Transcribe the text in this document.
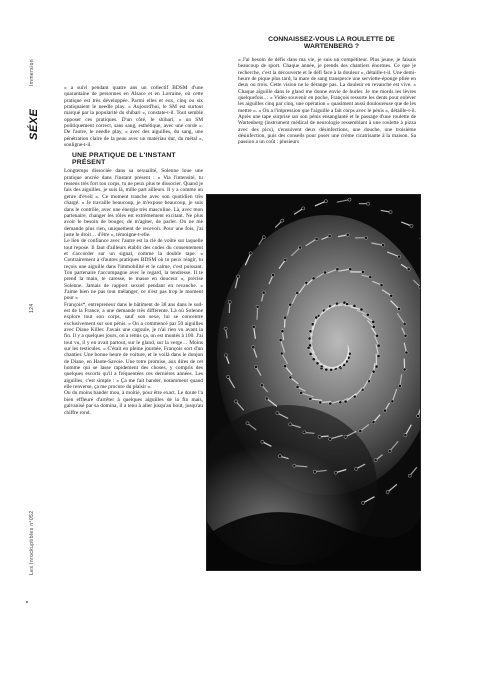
Immersion
SÉXE
124
Les Inrockuptibles n°052

« a suivi pendant quatre ans un collectif BDSM d'une quarantaine de personnes en Alsace et en Lorraine, où cette pratique est très développée. Parmi elles et eux, cinq ou six pratiquaient le needle play. « Aujourd'hui, le SM est surtout marqué par la popularité du shibari », constate-t-il. Tout semble opposer ces pratiques. D'un côté, le shibari, « un SM politiquement correct, sans sang, esthétique, avec une corde ». De l'autre, le needle play, « avec des aiguilles, du sang, une pénétration claire de la peau avec un matériau dur, du métal », souligne-t-il.

UNE PRATIQUE DE L'INSTANT PRÉSENT

Longtemps dissociée dans sa sexualité, Solenne loue une pratique ancrée dans l'instant présent : « Via l'intensité, tu ressens très fort ton corps, tu ne peux plus te dissocier. Quand je fais des aiguilles, je suis là, mille part ailleurs. Il y a comme un genre d'éveil ». Ce moment tranche avec son quotidien très chargé. « Je travaille beaucoup, je m'expose beaucoup, je suis dans le contrôle, avec une énergie très masculine. Là, avec mon partenaire, changer les rôles est extrêmement excitant. Ne plus avoir le besoin de bouger, de m'agiter, de parler. On ne me demande plus rien, uniquement de recevoir. Pour une fois, j'ai juste le droit… d'être », témoigne-t-elle.

Le lien de confiance avec l'autre est la clé de voûte sur laquelle tout repose. Il faut d'ailleurs établir des codes du consentement et s'accorder sur un signal, comme la double tape. « Contrairement à d'autres pratiques BDSM où tu peux réagir, tu reçois une aiguille dans l'immobilité et le calme, c'est puissant. Ton partenaire t'accompagne avec le regard, la tendresse. Il te prend la main, te caresse, te masse en douceur », précise Solenne. Jamais de rapport sexuel pendant en revanche. « J'aime bien ne pas tout mélanger, ce n'est pas trop le moment pour »

François*, entrepreneur dans le bâtiment de 38 ans dans le sud-est de la France, a une demande très différente. Là où Solenne explore tout son corps, sauf son sexe, lui se concentre exclusivement sur son pénis. « On a commencé par 50 aiguilles avec Diane Killer. J'avais une cagoule, je n'ai rien vu avant la fin. Il y a quelques jours, on a remis ça, on est montés à 100. J'ai tout vu, il y en avait partout, sur le gland, sur la verge… Moins sur les testicules. » C'était en pleine journée, François sort d'un chantier. Une bonne heure de voiture, et le voilà dans le donjon de Diane, en Haute-Savoie. Une totre promise, aux dires de cet homme qui se lasse rapidement des choses, y compris des quelques escorts qu'il a fréquentées ces dernières années. Les aiguilles, c'est simple : « Ça me fait bander, notamment quand elle renverse, ça me procure du plaisir ».

Ou du moins bander mou, à moitié, pour être exact. Le doute l'a bien effleuré d'arrêter à quelques aiguilles de la fin mais, galvanisé par sa domina, il a tenu à aller jusqu'au bout, jusqu'au chiffre rond.

CONNAISSEZ-VOUS LA ROULETTE DE WARTENBERG ?

« J'ai besoin de défis dans ma vie, je suis un compétiteur. Plus jeune, je faisais beaucoup de sport. Chaque année, je prends des chantiers énormes. Ce que je recherche, c'est la découverte et le défi face à la douleur », détaille-t-il. Une demi-heure de pique plus tard, la mare de sang transperce une serviette-éponge pliée en deux ou trois. Cette vision ne le dérange pas. La douleur en revanche est vive. « Chaque aiguille dans le gland me donne envie de hurler. Je me mords les lèvres quelquefois… » Vidéo souvenir en poche, François ressorte les dents pour enlever les aiguilles cinq par cinq, une opération « quasiment aussi douloureuse que de les mettre ». « On a l'impression que l'aiguille a fait corps avec le pénis », détaille-t-il.

Après une tape surprise sur son pénis ensanglanté et le passage d'une roulette de Wartenberg (instrument médical de neurologie ressemblant à une roulette à pizza avec des pics), s'ensuivent deux désinfections, une douche, une troisième désinfection, puis des conseils pour poser une crème cicatrisante à la maison. Sa passion a un coût : plusieurs
